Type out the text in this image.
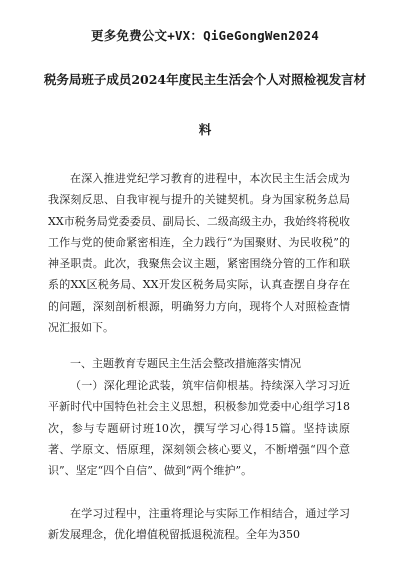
更多免费公文+VX：QiGeGongWen2024
税务局班子成员2024年度民主生活会个人对照检视发言材
料
在深入推进党纪学习教育的进程中，本次民主生活会成为我深刻反思、自我审视与提升的关键契机。身为国家税务总局XX市税务局党委委员、副局长、二级高级主办，我始终将税收工作与党的使命紧密相连，全力践行“为国聚财、为民收税”的神圣职责。此次，我聚焦会议主题，紧密围绕分管的工作和联系的XX区税务局、XX开发区税务局实际，认真查摆自身存在的问题，深刻剖析根源，明确努力方向，现将个人对照检查情况汇报如下。
一、主题教育专题民主生活会整改措施落实情况
（一）深化理论武装，筑牢信仰根基。持续深入学习习近平新时代中国特色社会主义思想，积极参加党委中心组学习18次，参与专题研讨班10次，撰写学习心得15篇。坚持读原著、学原文、悟原理，深刻领会核心要义，不断增强“四个意识”、坚定“四个自信”、做到“两个维护”。
在学习过程中，注重将理论与实际工作相结合，通过学习新发展理念，优化增值税留抵退税流程。全年为350
